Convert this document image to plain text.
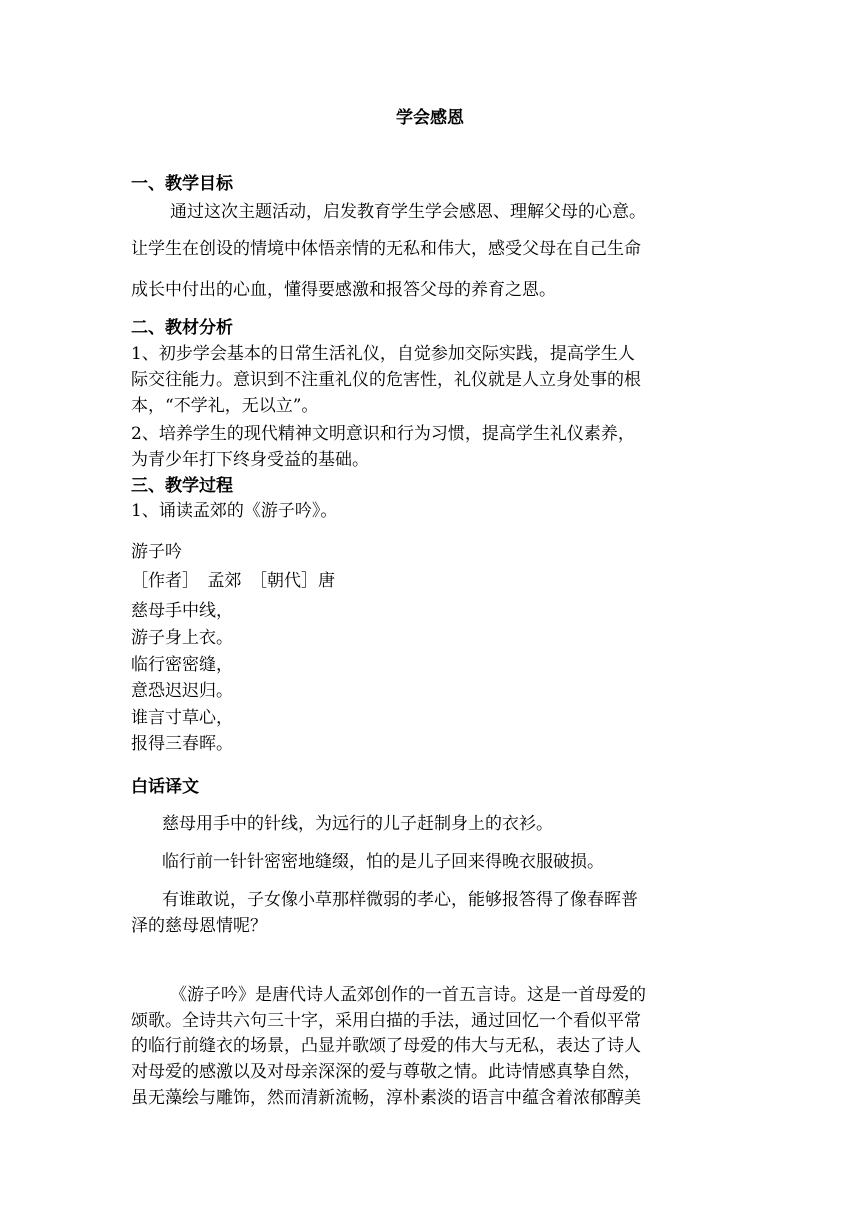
学会感恩
一、教学目标
通过这次主题活动，启发教育学生学会感恩、理解父母的心意。
让学生在创设的情境中体悟亲情的无私和伟大，感受父母在自己生命
成长中付出的心血，懂得要感激和报答父母的养育之恩。
二、教材分析
1、初步学会基本的日常生活礼仪，自觉参加交际实践，提高学生人
际交往能力。意识到不注重礼仪的危害性，礼仪就是人立身处事的根
本，“不学礼，无以立”。
2、培养学生的现代精神文明意识和行为习惯，提高学生礼仪素养，
为青少年打下终身受益的基础。
三、教学过程
1、诵读孟郊的《游子吟》。
游子吟
［作者］　孟郊　［朝代］唐
慈母手中线，
游子身上衣。
临行密密缝，
意恐迟迟归。
谁言寸草心，
报得三春晖。
白话译文
慈母用手中的针线，为远行的儿子赶制身上的衣衫。
临行前一针针密密地缝缀，怕的是儿子回来得晚衣服破损。
有谁敢说，子女像小草那样微弱的孝心，能够报答得了像春晖普
泽的慈母恩情呢？
《游子吟》是唐代诗人孟郊创作的一首五言诗。这是一首母爱的
颂歌。全诗共六句三十字，采用白描的手法，通过回忆一个看似平常
的临行前缝衣的场景，凸显并歌颂了母爱的伟大与无私，表达了诗人
对母爱的感激以及对母亲深深的爱与尊敬之情。此诗情感真挚自然，
虽无藻绘与雕饰，然而清新流畅，淳朴素淡的语言中蕴含着浓郁醇美
